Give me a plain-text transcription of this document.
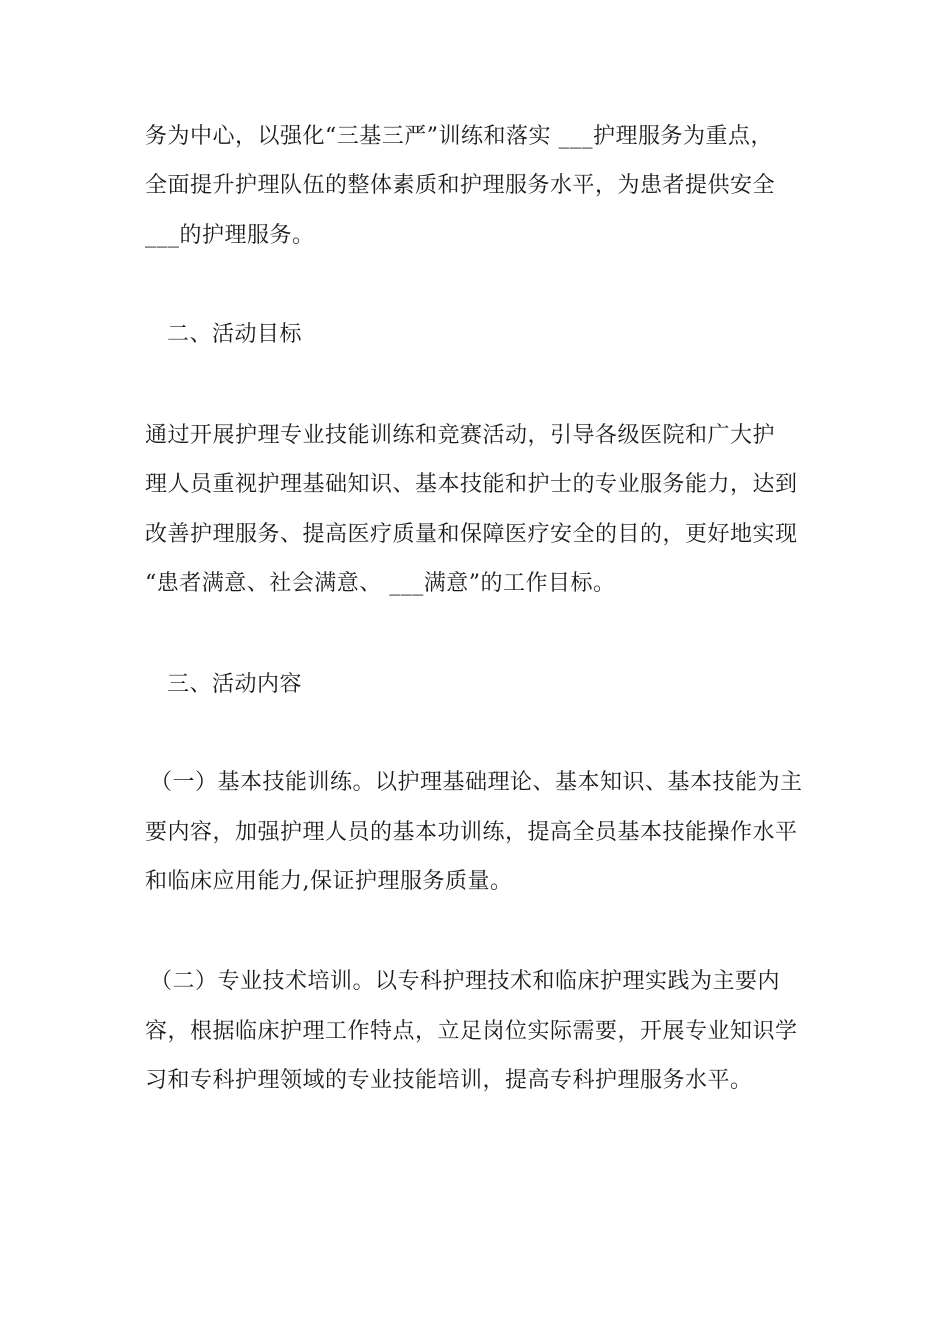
务为中心，以强化“三基三严”训练和落实 ___护理服务为重点，
全面提升护理队伍的整体素质和护理服务水平，为患者提供安全
___的护理服务。
二、活动目标
通过开展护理专业技能训练和竞赛活动，引导各级医院和广大护
理人员重视护理基础知识、基本技能和护士的专业服务能力，达到
改善护理服务、提高医疗质量和保障医疗安全的目的，更好地实现
“患者满意、社会满意、 ___满意”的工作目标。
三、活动内容
（一）基本技能训练。以护理基础理论、基本知识、基本技能为主
要内容，加强护理人员的基本功训练，提高全员基本技能操作水平
和临床应用能力,保证护理服务质量。
（二）专业技术培训。以专科护理技术和临床护理实践为主要内
容，根据临床护理工作特点，立足岗位实际需要，开展专业知识学
习和专科护理领域的专业技能培训，提高专科护理服务水平。
